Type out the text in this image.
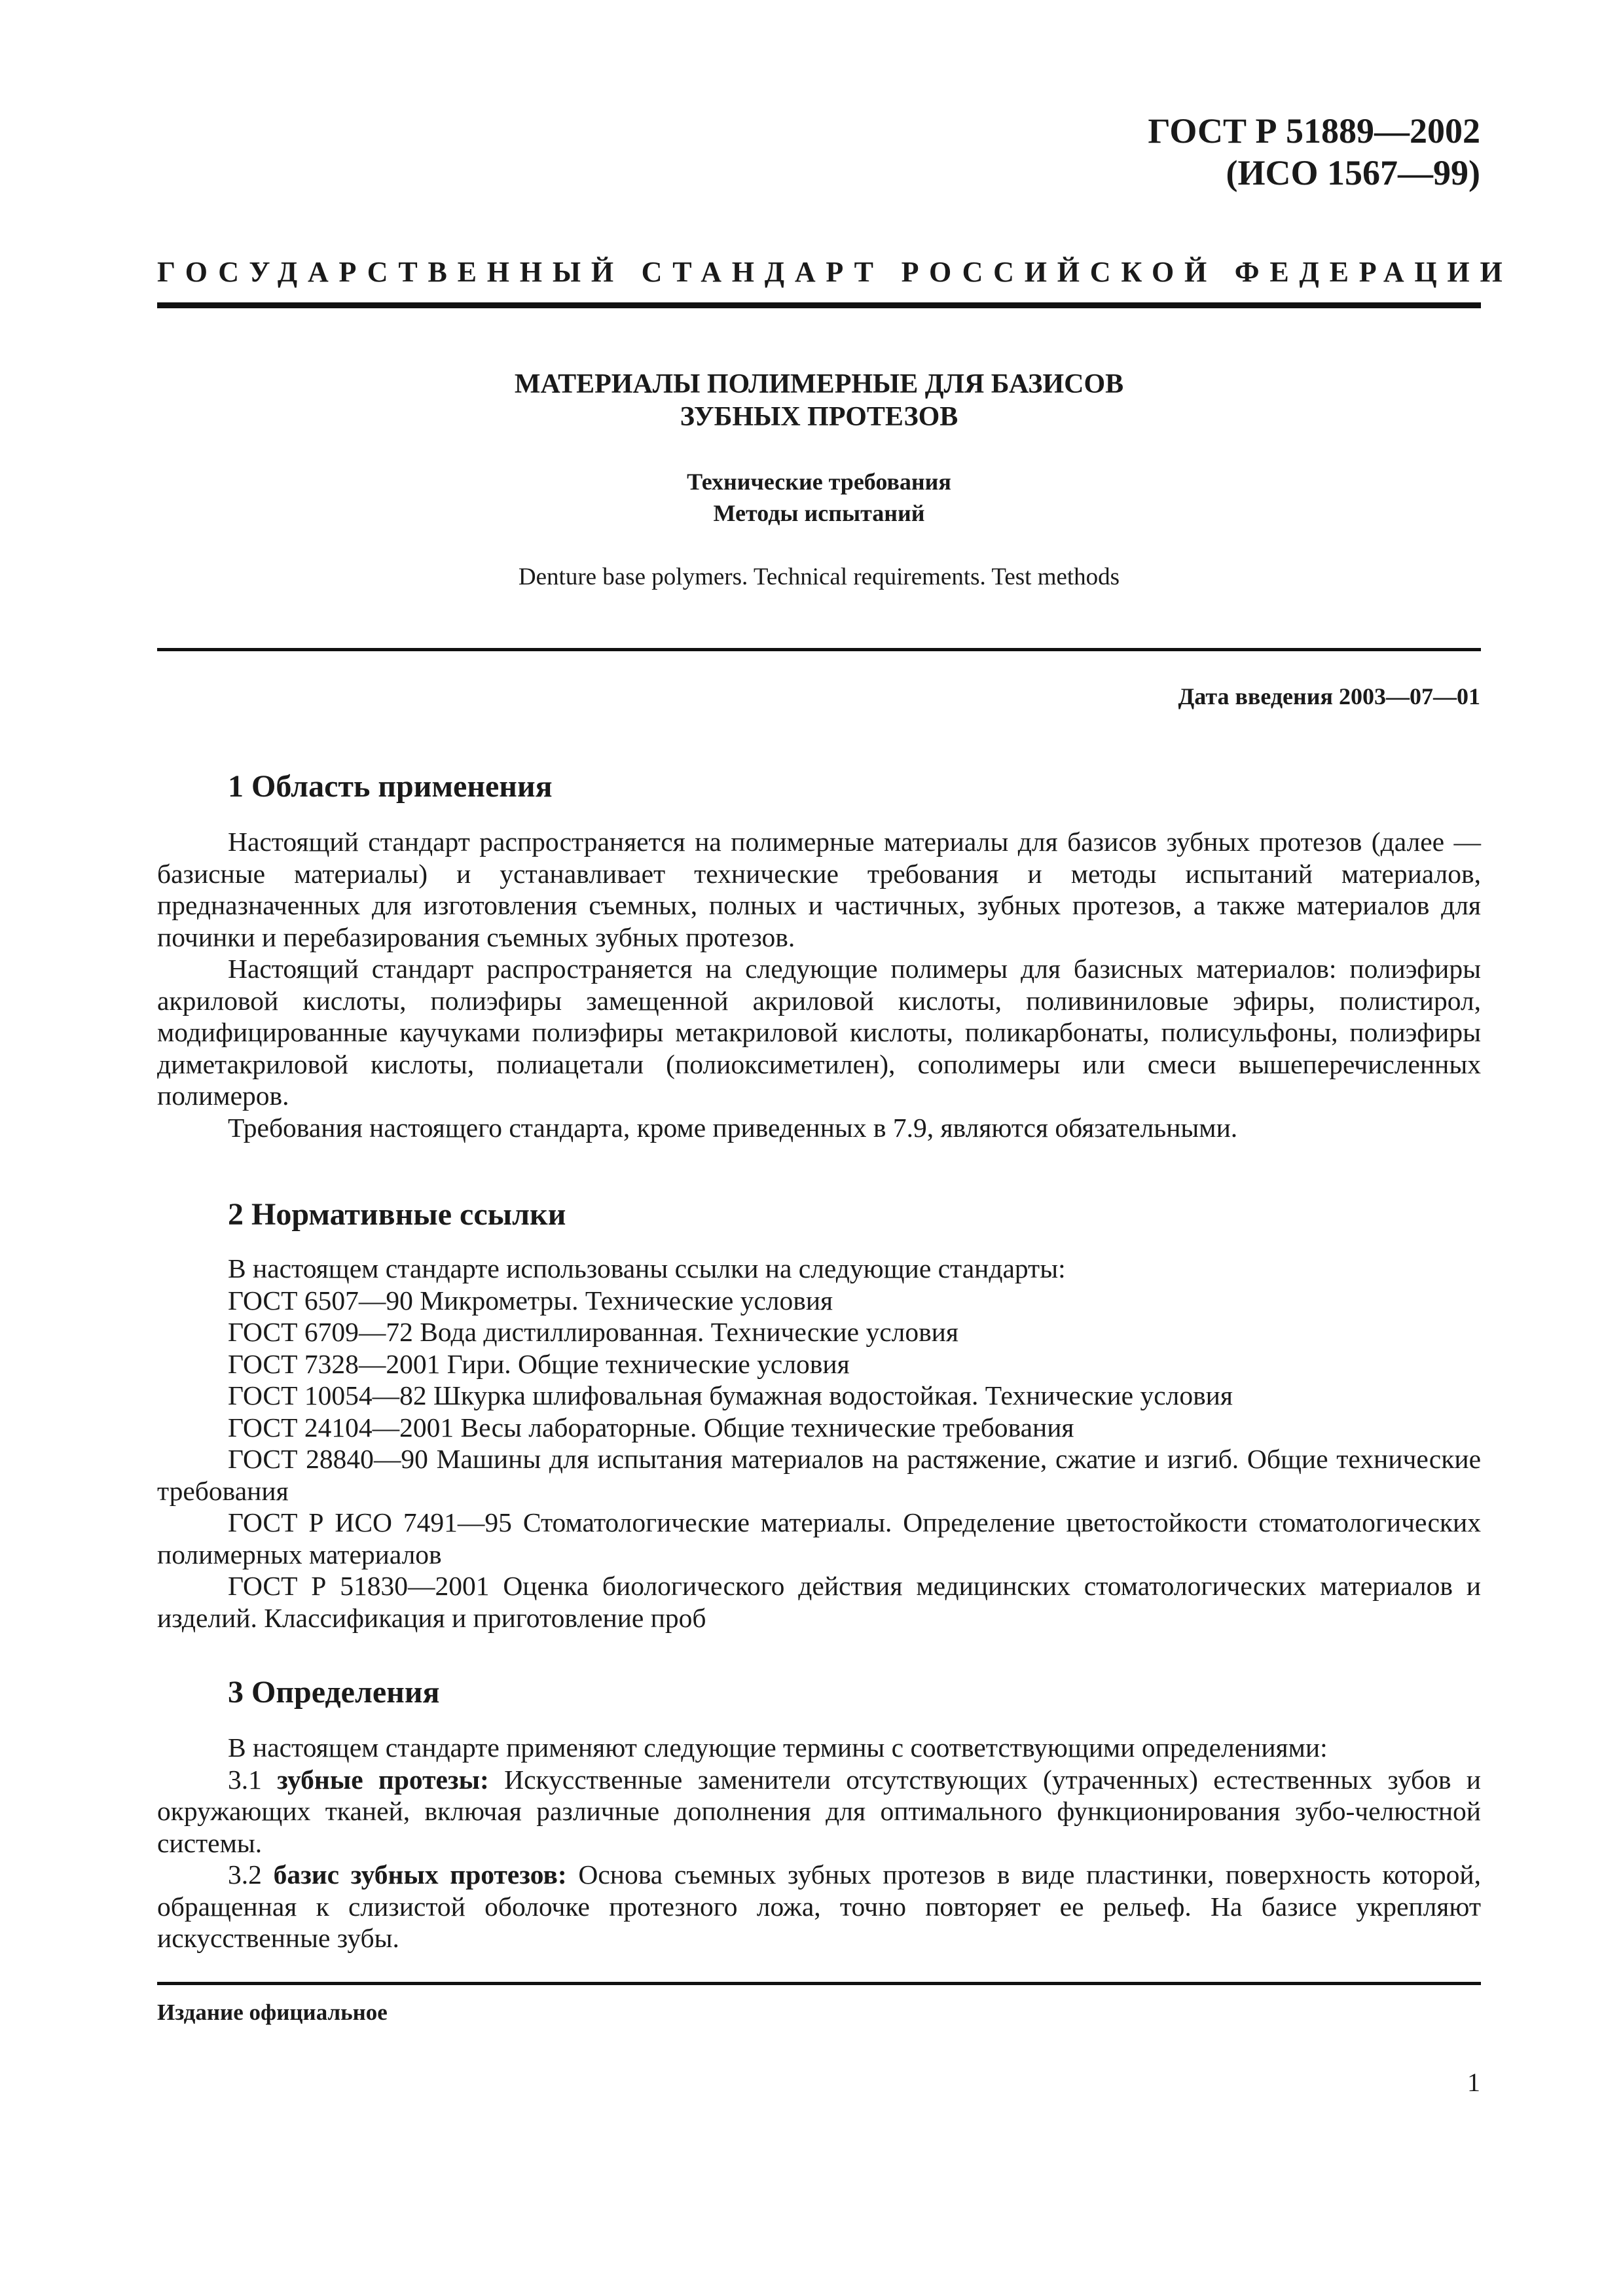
ГОСТ Р 51889—2002
(ИСО 1567—99)
ГОСУДАРСТВЕННЫЙ СТАНДАРТ РОССИЙСКОЙ ФЕДЕРАЦИИ
МАТЕРИАЛЫ ПОЛИМЕРНЫЕ ДЛЯ БАЗИСОВ
ЗУБНЫХ ПРОТЕЗОВ
Технические требования
Методы испытаний
Denture base polymers. Technical requirements. Test methods
Дата введения 2003—07—01
1 Область применения

Настоящий стандарт распространяется на полимерные материалы для базисов зубных протезов (далее — базисные материалы) и устанавливает технические требования и методы испытаний материалов, предназначенных для изготовления съемных, полных и частичных, зубных протезов, а также материалов для починки и перебазирования съемных зубных протезов.

Настоящий стандарт распространяется на следующие полимеры для базисных материалов: полиэфиры акриловой кислоты, полиэфиры замещенной акриловой кислоты, поливиниловые эфиры, полистирол, модифицированные каучуками полиэфиры метакриловой кислоты, поликарбонаты, полисульфоны, полиэфиры диметакриловой кислоты, полиацетали (полиоксиметилен), сополимеры или смеси вышеперечисленных полимеров.

Требования настоящего стандарта, кроме приведенных в 7.9, являются обязательными.

2 Нормативные ссылки

В настоящем стандарте использованы ссылки на следующие стандарты:

ГОСТ 6507—90 Микрометры. Технические условия

ГОСТ 6709—72 Вода дистиллированная. Технические условия

ГОСТ 7328—2001 Гири. Общие технические условия

ГОСТ 10054—82 Шкурка шлифовальная бумажная водостойкая. Технические условия

ГОСТ 24104—2001 Весы лабораторные. Общие технические требования

ГОСТ 28840—90 Машины для испытания материалов на растяжение, сжатие и изгиб. Общие технические требования

ГОСТ Р ИСО 7491—95 Стоматологические материалы. Определение цветостойкости стоматологических полимерных материалов

ГОСТ Р 51830—2001 Оценка биологического действия медицинских стоматологических материалов и изделий. Классификация и приготовление проб

3 Определения

В настоящем стандарте применяют следующие термины с соответствующими определениями:

3.1 зубные протезы: Искусственные заменители отсутствующих (утраченных) естественных зубов и окружающих тканей, включая различные дополнения для оптимального функционирования зубо-челюстной системы.

3.2 базис зубных протезов: Основа съемных зубных протезов в виде пластинки, поверхность которой, обращенная к слизистой оболочке протезного ложа, точно повторяет ее рельеф. На базисе укрепляют искусственные зубы.

Издание официальное
1
